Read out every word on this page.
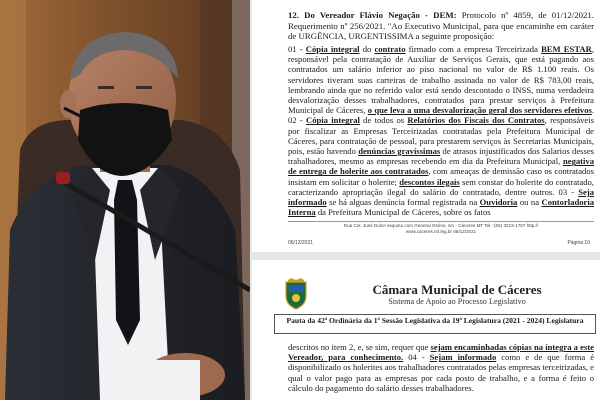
12. Do Vereador Flávio Negação - DEM: Protocolo nº 4859, de 01/12/2021. Requerimento nº 256/2021. "Ao Executivo Municipal, para que encaminhe em caráter de URGÊNCIA, URGENTISSIMA a seguinte proposição:
01 - Cópia integral do contrato firmado com a empresa Terceirizada BEM ESTAR, responsável pela contratação de Auxiliar de Serviços Gerais, que está pagando aos contratados um salário inferior ao piso nacional no valor de R$ 1.100 reais. Os servidores tiveram suas carteiras de trabalho assinada no valor de R$ 783,00 reais, lembrando ainda que no referido valor está sendo descontado o INSS, numa verdadeira desvalorização desses trabalhadores, contratados para prestar serviços à Prefeitura Municipal de Cáceres, o que leva a uma desvalorização geral dos servidores efetivos. 02 - Cópia integral de todos os Relatórios dos Fiscais dos Contratos, responsáveis por fiscalizar as Empresas Terceirizadas contratadas pela Prefeitura Municipal de Cáceres, para contratação de pessoal, para prestarem serviços às Secretarias Municipais, pois, estão havendo denúncias gravíssimas de atrasos injustificados dos Salarios desses trabalhadores, mesmo as empresas recebendo em dia da Prefeitura Municipal, negativa de entrega de holerite aos contratados, com ameaças de demissão caso os contratados insistam em solicitar o holerite; descontos ilegais sem constar do holerite do contratado, caracterizando apropriação ilegal do salário do contratado, dentre outros. 03 - Seja informado se há alguas denúncia formal registrada na Ouvidoria ou na Contorladoria Interna da Prefeitura Municipal de Cáceres, sobre os fatos
Rua Cel. José Dulce esquina com General Osório, s/n - Cáceres MT Tel.: (65) 3223-1707 http://
www.caceres.mt.leg.br 06/12/2021
06/12/2021	Página 10
Câmara Municipal de Cáceres
Sistema de Apoio ao Processo Legislativo
Pauta da 42ª Ordinária da 1ª Sessão Legislativa da 19ª Legislatura (2021 - 2024) Legislatura
descritos no item 2, e, se sim, requer que sejam encaminhadas cópias na íntegra a este Vereador, para conhecimento. 04 - Sejam informado como e de que forma é disponibilizado os holerites aos trabalhadores contratados pelas empresas terceirizadas, e qual o valor pago para as empresas por cada posto de trabalho, e a forma é feito o cálculo do pagamento do salário desses trabalhadores.
